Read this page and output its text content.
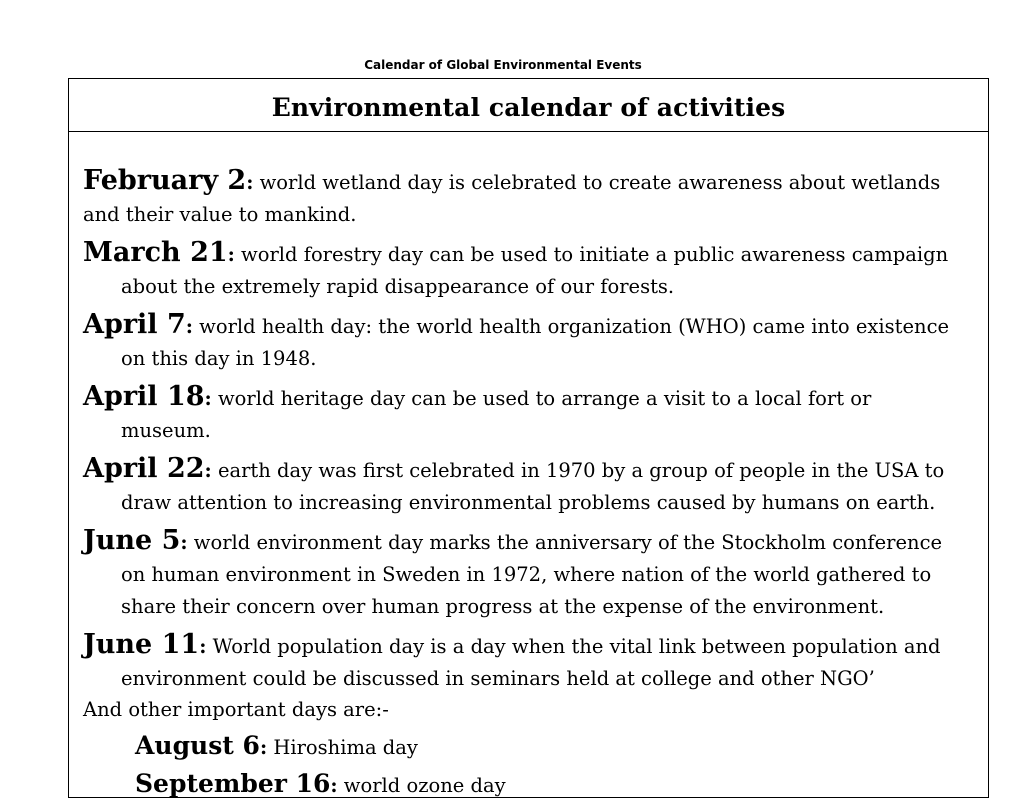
Calendar of Global Environmental Events
Environmental calendar of activities

February 2: world wetland day is celebrated to create awareness about wetlands and their value to mankind.

March 21: world forestry day can be used to initiate a public awareness campaign about the extremely rapid disappearance of our forests.

April 7: world health day: the world health organization (WHO) came into existence on this day in 1948.

April 18: world heritage day can be used to arrange a visit to a local fort or museum.

April 22: earth day was first celebrated in 1970 by a group of people in the USA to draw attention to increasing environmental problems caused by humans on earth.

June 5: world environment day marks the anniversary of the Stockholm conference on human environment in Sweden in 1972, where nation of the world gathered to share their concern over human progress at the expense of the environment.

June 11: World population day is a day when the vital link between population and environment could be discussed in seminars held at college and other NGO’

And other important days are:-
August 6: Hiroshima day
September 16: world ozone day
